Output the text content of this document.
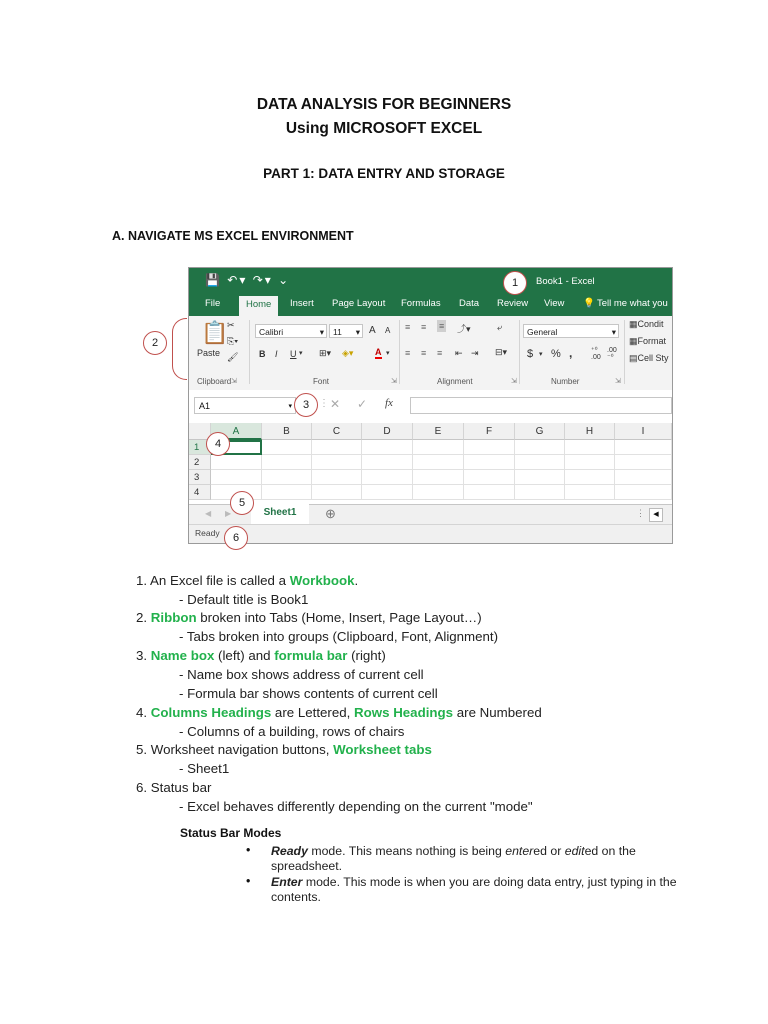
DATA ANALYSIS FOR BEGINNERS
Using MICROSOFT EXCEL
PART 1: DATA ENTRY AND STORAGE
A. NAVIGATE MS EXCEL ENVIRONMENT
💾 ↶▾ ↷▾ ⌄	Book1 - Excel
File	Home	Insert Page Layout Formulas Data Review View 💡 Tell me what you
📋
✂
⎘▾
🖌
Paste
Clipboard ⇲
Calibri	▾	11 ▾ A A
B I U ▾ ⊞▾ ◈▾ A ▾
Font	⇲
≡ ≡ ≡ ⤴▾	⤶
≡ ≡ ≡ ⇤ ⇥ ⊟▾
Alignment	⇲
General	▾
$ ▾ % ,	⁺⁰
.00
.00
⁻⁰
Number	⇲
▦Condit
▦Format
▤Cell Sty
A1	▾	⋮ ✕ ✓ fx
A	B	C	D	E	F	G	H	I
1
2
3
4
◀ ▶	Sheet1	⊕	⋮	◀
Ready
1
2
3
4
5
6
1. An Excel file is called a Workbook.
- Default title is Book1
2. Ribbon broken into Tabs (Home, Insert, Page Layout…)
- Tabs broken into groups (Clipboard, Font, Alignment)
3. Name box (left) and formula bar (right)
- Name box shows address of current cell
- Formula bar shows contents of current cell
4. Columns Headings are Lettered, Rows Headings are Numbered
- Columns of a building, rows of chairs
5. Worksheet navigation buttons, Worksheet tabs
- Sheet1
6. Status bar
- Excel behaves differently depending on the current "mode"
Status Bar Modes
• Ready mode. This means nothing is being entered or edited on the spreadsheet.
• Enter mode. This mode is when you are doing data entry, just typing in the contents.
